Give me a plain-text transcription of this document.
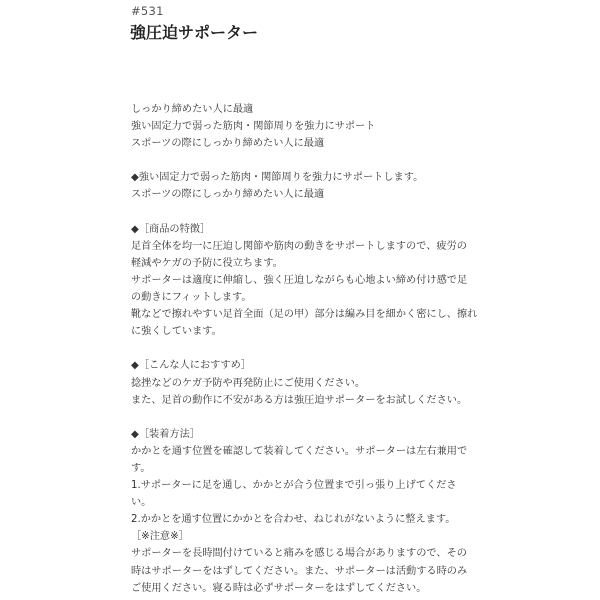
#531
強圧迫サポーター
しっかり締めたい人に最適
強い固定力で弱った筋肉・関節周りを強力にサポート
スポーツの際にしっかり締めたい人に最適
◆強い固定力で弱った筋肉・関節周りを強力にサポートします。
スポーツの際にしっかり締めたい人に最適
◆［商品の特徴］
足首全体を均一に圧迫し関節や筋肉の動きをサポートしますので、疲労の
軽減やケガの予防に役立ちます。
サポーターは適度に伸縮し、強く圧迫しながらも心地よい締め付け感で足
の動きにフィットします。
靴などで擦れやすい足首全面（足の甲）部分は編み目を細かく密にし、擦れ
に強くしています。
◆［こんな人におすすめ］
捻挫などのケガ予防や再発防止にご使用ください。
また、足首の動作に不安がある方は強圧迫サポーターをお試しください。
◆［装着方法］
かかとを通す位置を確認して装着してください。サポーターは左右兼用で
す。
1.サポーターに足を通し、かかとが合う位置まで引っ張り上げてくださ
い。
2.かかとを通す位置にかかとを合わせ、ねじれがないように整えます。
［※注意※］
サポーターを長時間付けていると痛みを感じる場合がありますので、その
時はサポーターをはずしてください。また、サポーターは活動する時のみ
ご使用ください。寝る時は必ずサポーターをはずしてください。
